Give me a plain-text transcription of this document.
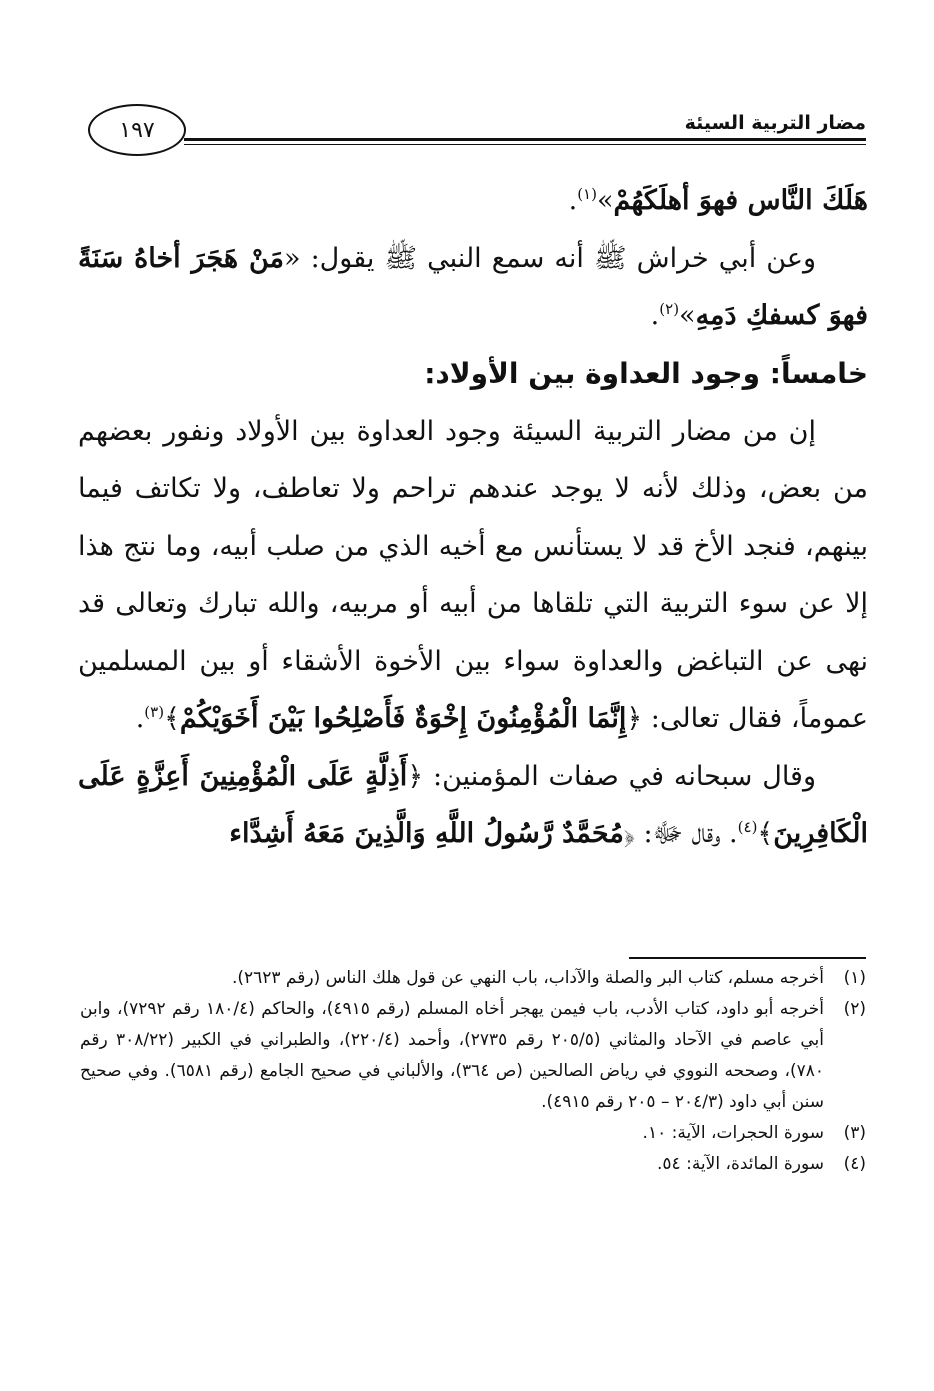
مضار التربية السيئة
١٩٧

هَلَكَ النَّاس فهوَ أهلَكَهُمْ»$^{(١)}$.

وعن أبي خراش ﷺ أنه سمع النبي ﷺ يقول: «مَنْ هَجَرَ أخاهُ سَنَةً فهوَ كسفكِ دَمِهِ»$^{(٢)}$.

خامساً: وجود العداوة بين الأولاد:

إن من مضار التربية السيئة وجود العداوة بين الأولاد ونفور بعضهم من بعض، وذلك لأنه لا يوجد عندهم تراحم ولا تعاطف، ولا تكاتف فيما بينهم، فنجد الأخ قد لا يستأنس مع أخيه الذي من صلب أبيه، وما نتج هذا إلا عن سوء التربية التي تلقاها من أبيه أو مربيه، والله تبارك وتعالى قد نهى عن التباغض والعداوة سواء بين الأخوة الأشقاء أو بين المسلمين عموماً، فقال تعالى: ﴿إِنَّمَا الْمُؤْمِنُونَ إِخْوَةٌ فَأَصْلِحُوا بَيْنَ أَخَوَيْكُمْ﴾$^{(٣)}$.

وقال سبحانه في صفات المؤمنين: ﴿أَذِلَّةٍ عَلَى الْمُؤْمِنِينَ أَعِزَّةٍ عَلَى الْكَافِرِينَ﴾$^{(٤)}$. وقال ﷻ: ﴿مُحَمَّدٌ رَّسُولُ اللَّهِ وَالَّذِينَ مَعَهُ أَشِدَّاء

(١)
أخرجه مسلم، كتاب البر والصلة والآداب، باب النهي عن قول هلك الناس (رقم ٢٦٢٣).
(٢)
أخرجه أبو داود، كتاب الأدب، باب فيمن يهجر أخاه المسلم (رقم ٤٩١٥)، والحاكم (١٨٠/٤ رقم ٧٢٩٢)، وابن أبي عاصم في الآحاد والمثاني (٢٠٥/٥ رقم ٢٧٣٥)، وأحمد (٢٢٠/٤)، والطبراني في الكبير (٣٠٨/٢٢ رقم ٧٨٠)، وصححه النووي في رياض الصالحين (ص ٣٦٤)، والألباني في صحيح الجامع (رقم ٦٥٨١). وفي صحيح سنن أبي داود (٢٠٤/٣ – ٢٠٥ رقم ٤٩١٥).
(٣)
سورة الحجرات، الآية: ١٠.
(٤)
سورة المائدة، الآية: ٥٤.
